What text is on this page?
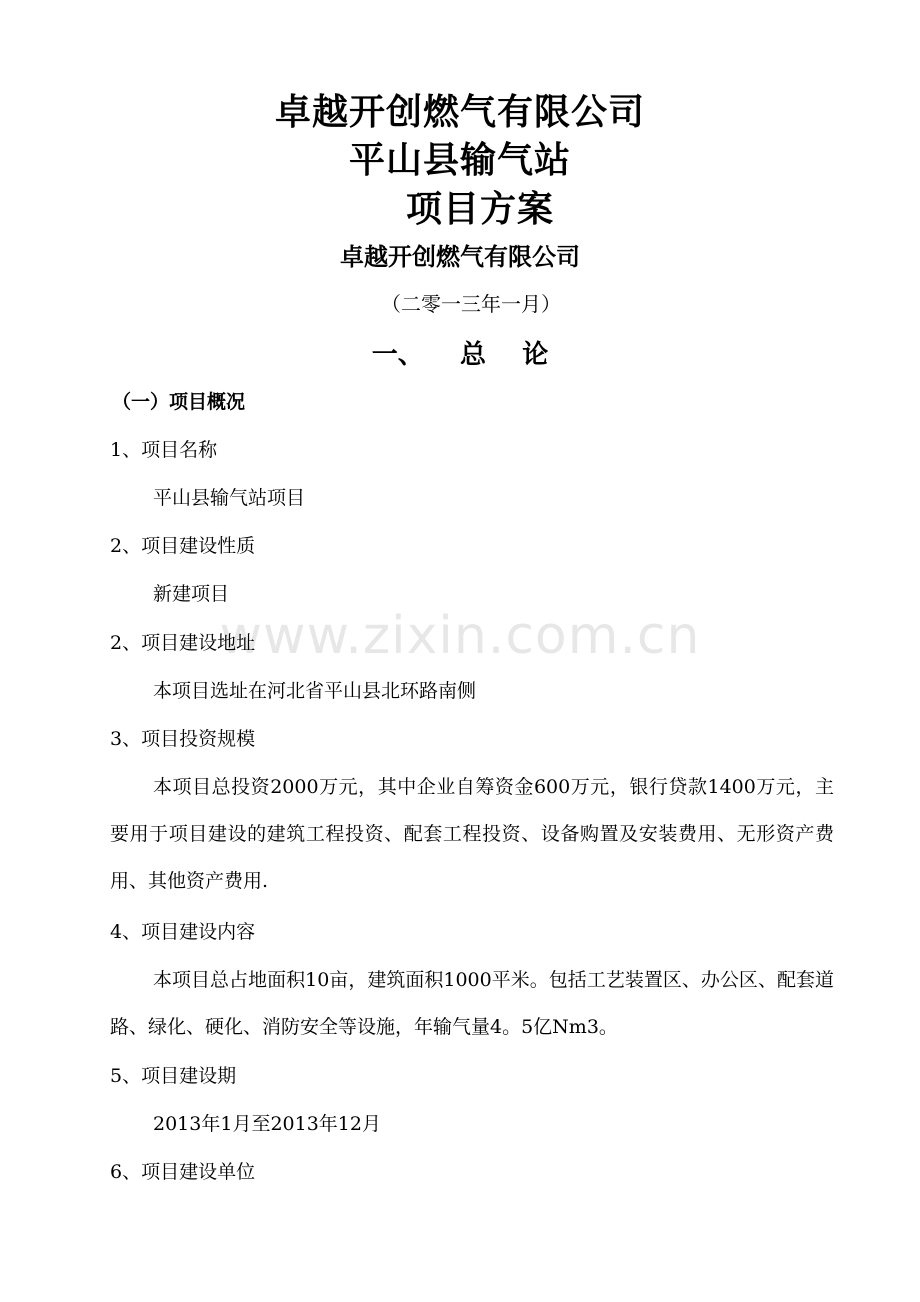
卓越开创燃气有限公司
平山县输气站
项目方案
卓越开创燃气有限公司
（二零一三年一月）
一、    总    论
（一）项目概况
1、项目名称
平山县输气站项目
2、项目建设性质
新建项目
2、项目建设地址
本项目选址在河北省平山县北环路南侧
3、项目投资规模
本项目总投资2000万元，其中企业自筹资金600万元，银行贷款1400万元，主要用于项目建设的建筑工程投资、配套工程投资、设备购置及安装费用、无形资产费用、其他资产费用.
4、项目建设内容
本项目总占地面积10亩，建筑面积1000平米。包括工艺装置区、办公区、配套道路、绿化、硬化、消防安全等设施，年输气量4。5亿Nm3。
5、项目建设期
2013年1月至2013年12月
6、项目建设单位
www.zixin.com.cn
